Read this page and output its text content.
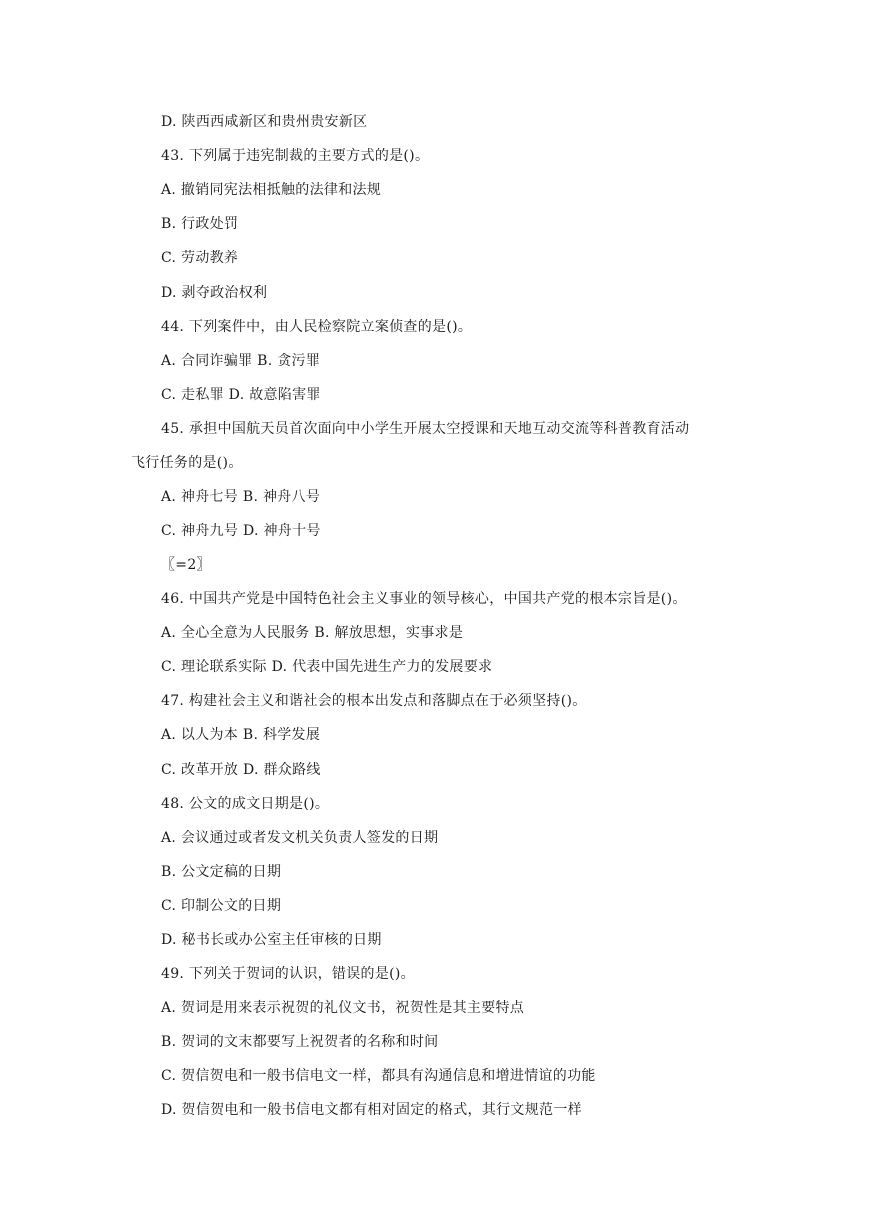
D. 陕西西咸新区和贵州贵安新区
43. 下列属于违宪制裁的主要方式的是()。
A. 撤销同宪法相抵触的法律和法规
B. 行政处罚
C. 劳动教养
D. 剥夺政治权利
44. 下列案件中，由人民检察院立案侦查的是()。
A. 合同诈骗罪 B. 贪污罪
C. 走私罪 D. 故意陷害罪
45. 承担中国航天员首次面向中小学生开展太空授课和天地互动交流等科普教育活动
飞行任务的是()。
A. 神舟七号 B. 神舟八号
C. 神舟九号 D. 神舟十号
〖=2〗
46. 中国共产党是中国特色社会主义事业的领导核心，中国共产党的根本宗旨是()。
A. 全心全意为人民服务 B. 解放思想，实事求是
C. 理论联系实际 D. 代表中国先进生产力的发展要求
47. 构建社会主义和谐社会的根本出发点和落脚点在于必须坚持()。
A. 以人为本 B. 科学发展
C. 改革开放 D. 群众路线
48. 公文的成文日期是()。
A. 会议通过或者发文机关负责人签发的日期
B. 公文定稿的日期
C. 印制公文的日期
D. 秘书长或办公室主任审核的日期
49. 下列关于贺词的认识，错误的是()。
A. 贺词是用来表示祝贺的礼仪文书，祝贺性是其主要特点
B. 贺词的文末都要写上祝贺者的名称和时间
C. 贺信贺电和一般书信电文一样，都具有沟通信息和增进情谊的功能
D. 贺信贺电和一般书信电文都有相对固定的格式，其行文规范一样
